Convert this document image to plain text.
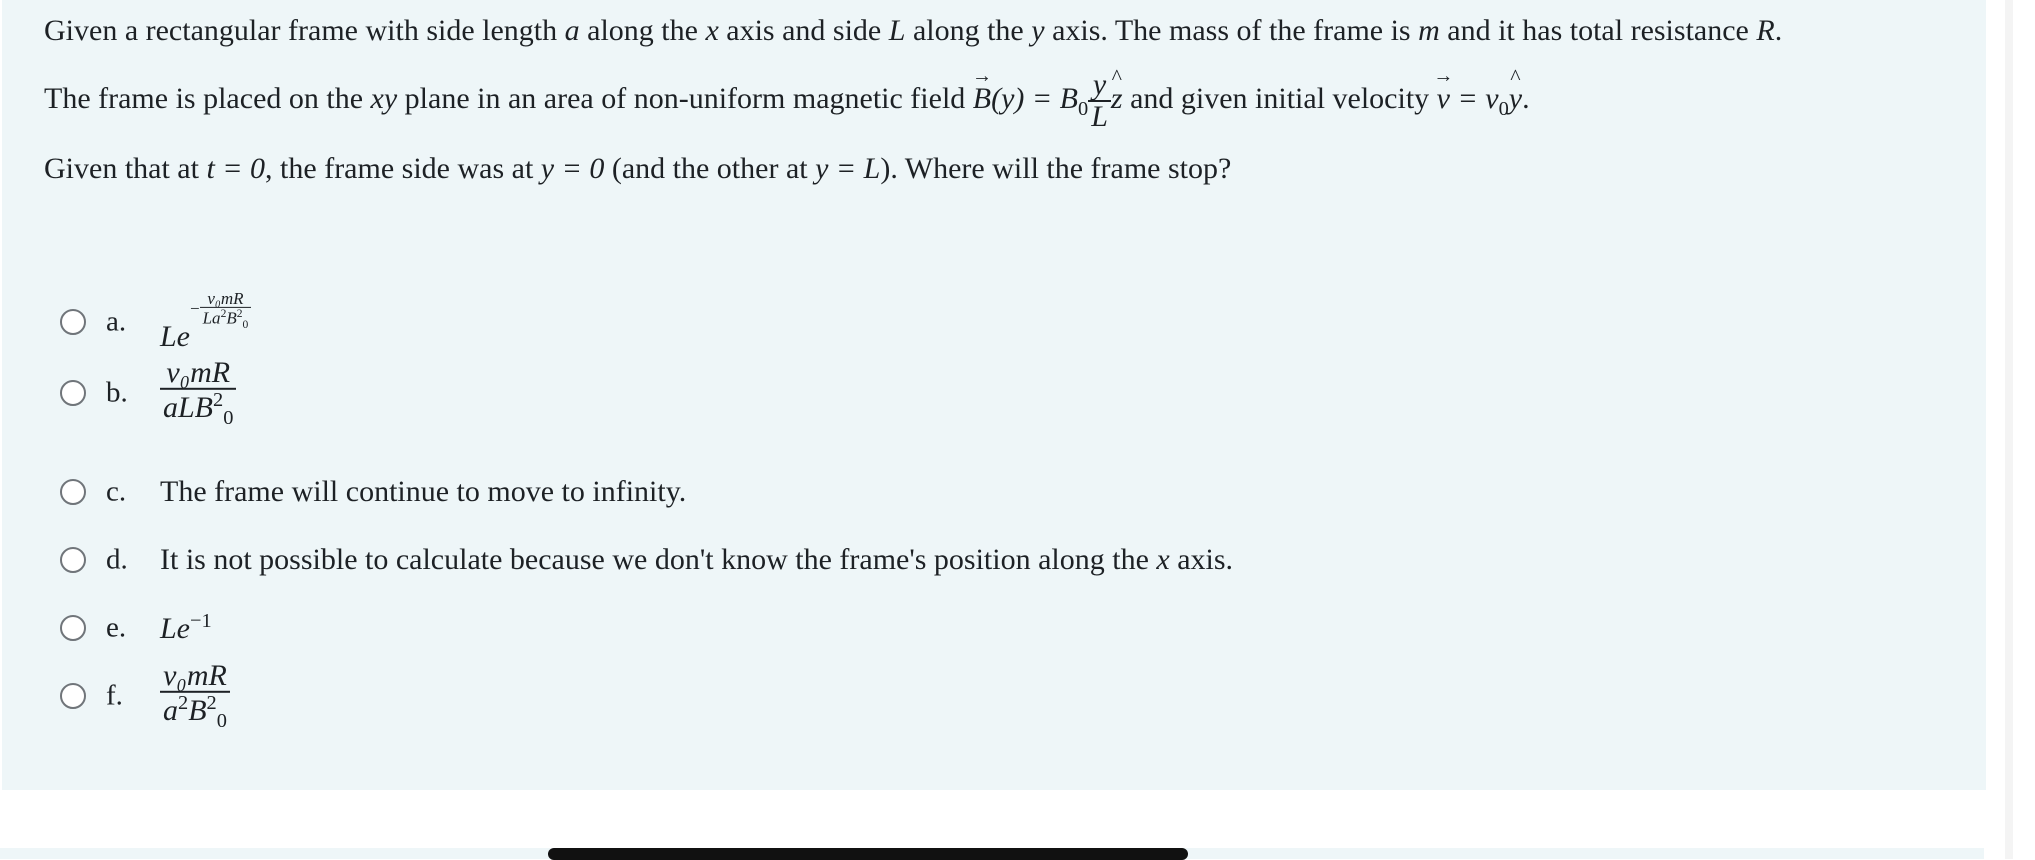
Given a rectangular frame with side length a along the x axis and side L along the y axis. The mass of the frame is m and it has total resistance R.
The frame is placed on the xy plane in an area of non-uniform magnetic field B
→
$(y) = B_0 \frac{y}{L}$ z
^
and given initial velocity v
→
= $v_0y$
^
.
Given that at t = 0, the frame side was at y = 0 (and the other at y = L). Where will the frame stop?
a. $Le- \frac{\text{v₀mR}}{La^2B^2_0}$
b. $\frac{\text{v₀mR}}{aLB^2_0}$
c. The frame will continue to move to infinity.
d. It is not possible to calculate because we don't know the frame's position along the x axis.
e. $Le^{-1}$
f. $\frac{\text{v₀mR}}{a^2B^2_0}$
